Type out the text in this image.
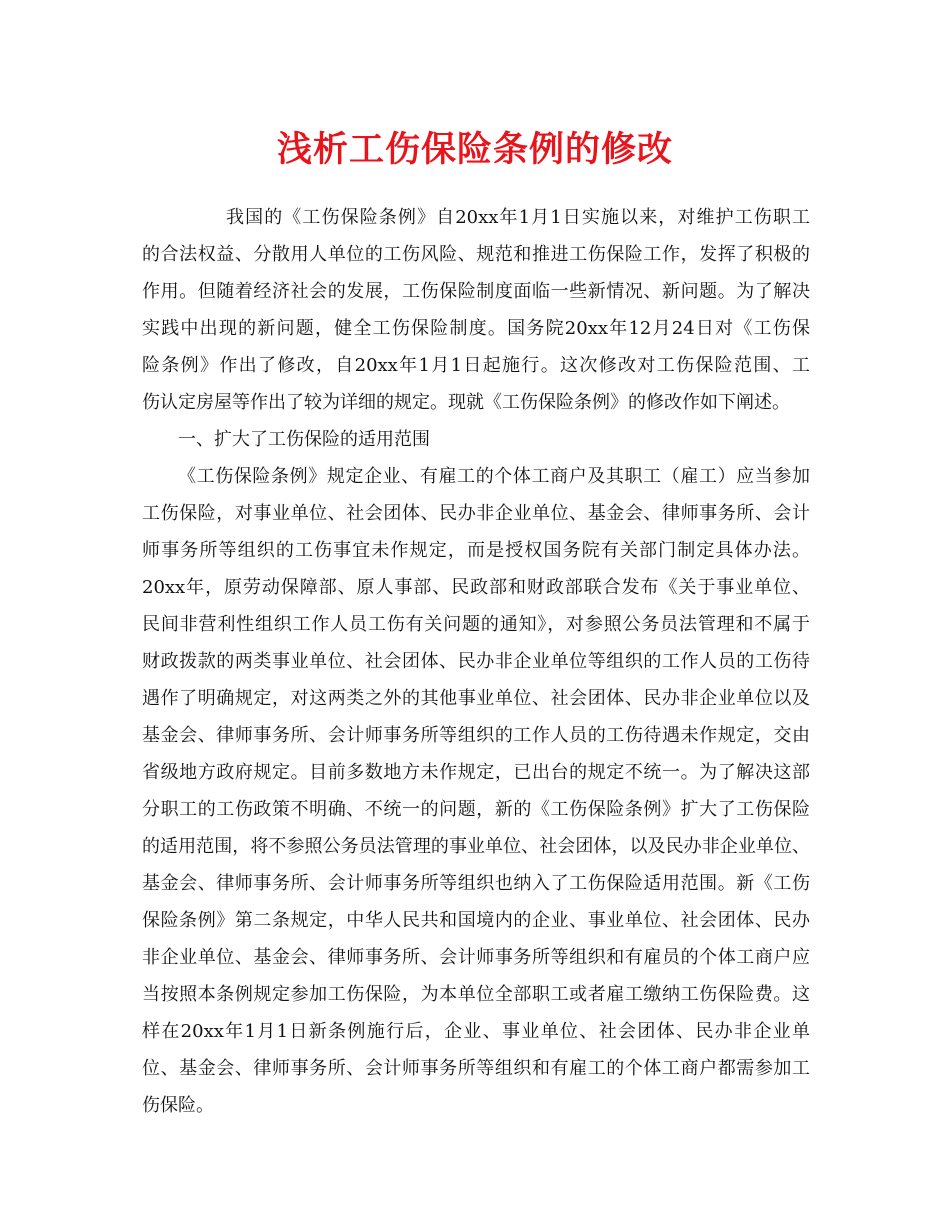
浅析工伤保险条例的修改
我国的《工伤保险条例》自20xx年1月1日实施以来，对维护工伤职工
的合法权益、分散用人单位的工伤风险、规范和推进工伤保险工作，发挥了积极的
作用。但随着经济社会的发展，工伤保险制度面临一些新情况、新问题。为了解决
实践中出现的新问题，健全工伤保险制度。国务院20xx年12月24日对《工伤保
险条例》作出了修改，自20xx年1月1日起施行。这次修改对工伤保险范围、工
伤认定房屋等作出了较为详细的规定。现就《工伤保险条例》的修改作如下阐述。
一、扩大了工伤保险的适用范围
《工伤保险条例》规定企业、有雇工的个体工商户及其职工（雇工）应当参加
工伤保险，对事业单位、社会团体、民办非企业单位、基金会、律师事务所、会计
师事务所等组织的工伤事宜未作规定，而是授权国务院有关部门制定具体办法。
20xx年，原劳动保障部、原人事部、民政部和财政部联合发布《关于事业单位、
民间非营利性组织工作人员工伤有关问题的通知》，对参照公务员法管理和不属于
财政拨款的两类事业单位、社会团体、民办非企业单位等组织的工作人员的工伤待
遇作了明确规定，对这两类之外的其他事业单位、社会团体、民办非企业单位以及
基金会、律师事务所、会计师事务所等组织的工作人员的工伤待遇未作规定，交由
省级地方政府规定。目前多数地方未作规定，已出台的规定不统一。为了解决这部
分职工的工伤政策不明确、不统一的问题，新的《工伤保险条例》扩大了工伤保险
的适用范围，将不参照公务员法管理的事业单位、社会团体，以及民办非企业单位、
基金会、律师事务所、会计师事务所等组织也纳入了工伤保险适用范围。新《工伤
保险条例》第二条规定，中华人民共和国境内的企业、事业单位、社会团体、民办
非企业单位、基金会、律师事务所、会计师事务所等组织和有雇员的个体工商户应
当按照本条例规定参加工伤保险，为本单位全部职工或者雇工缴纳工伤保险费。这
样在20xx年1月1日新条例施行后，企业、事业单位、社会团体、民办非企业单
位、基金会、律师事务所、会计师事务所等组织和有雇工的个体工商户都需参加工
伤保险。
